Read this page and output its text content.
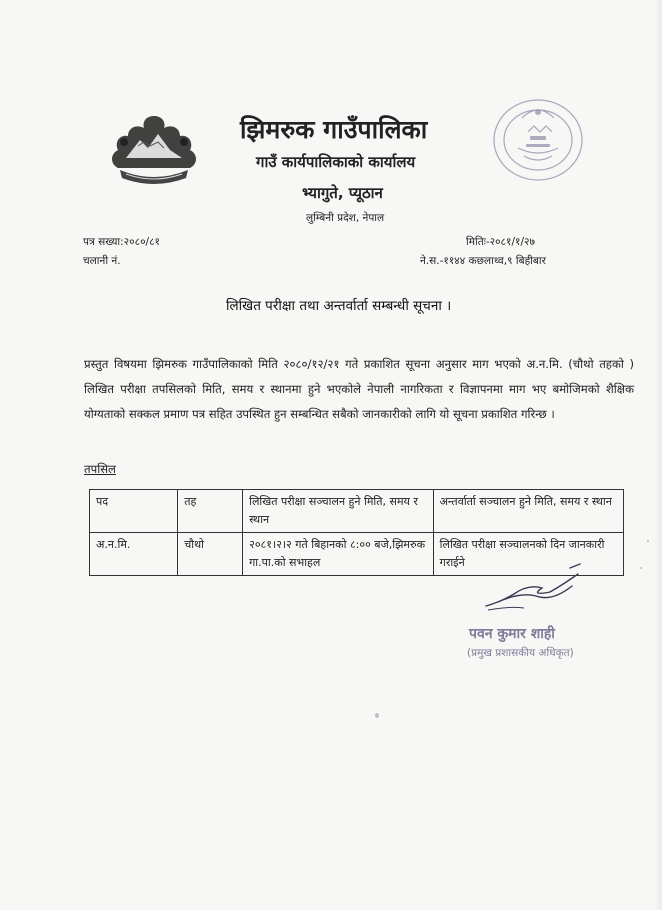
झिमरुक गाउँपालिका
गाउँ कार्यपालिकाको कार्यालय
भ्यागुते, प्यूठान
लुम्बिनी प्रदेश, नेपाल
पत्र सख्या:२०८०/८१
चलानी नं.
मितिः-२०८१/१/२७
ने.स.-११४४ कछलाथ्व,९ बिहीबार
लिखित परीक्षा तथा अन्तर्वार्ता सम्बन्धी सूचना ।
प्रस्तुत विषयमा झिमरुक गाउँपालिकाको मिति २०८०/१२/२१ गते प्रकाशित सूचना अनुसार माग भएको अ.न.मि. (चौथो तहको ) लिखित परीक्षा तपसिलको मिति, समय र स्थानमा हुने भएकोले नेपाली नागरिकता र विज्ञापनमा माग भए बमोजिमको शैक्षिक योग्यताको सक्कल प्रमाण पत्र सहित उपस्थित हुन सम्बन्धित सबैको जानकारीको लागि यो सूचना प्रकाशित गरिन्छ ।
तपसिल
पद	तह	लिखित परीक्षा सञ्चालन हुने मिति, समय र स्थान	अन्तर्वार्ता सञ्चालन हुने मिति, समय र स्थान
अ.न.मि.	चौथो	२०८१।२।२ गते बिहानको ८:०० बजे,झिमरुक गा.पा.को सभाहल	लिखित परीक्षा सञ्चालनको दिन जानकारी गराईने
पवन कुमार शाही
(प्रमुख प्रशासकीय अधिकृत)
